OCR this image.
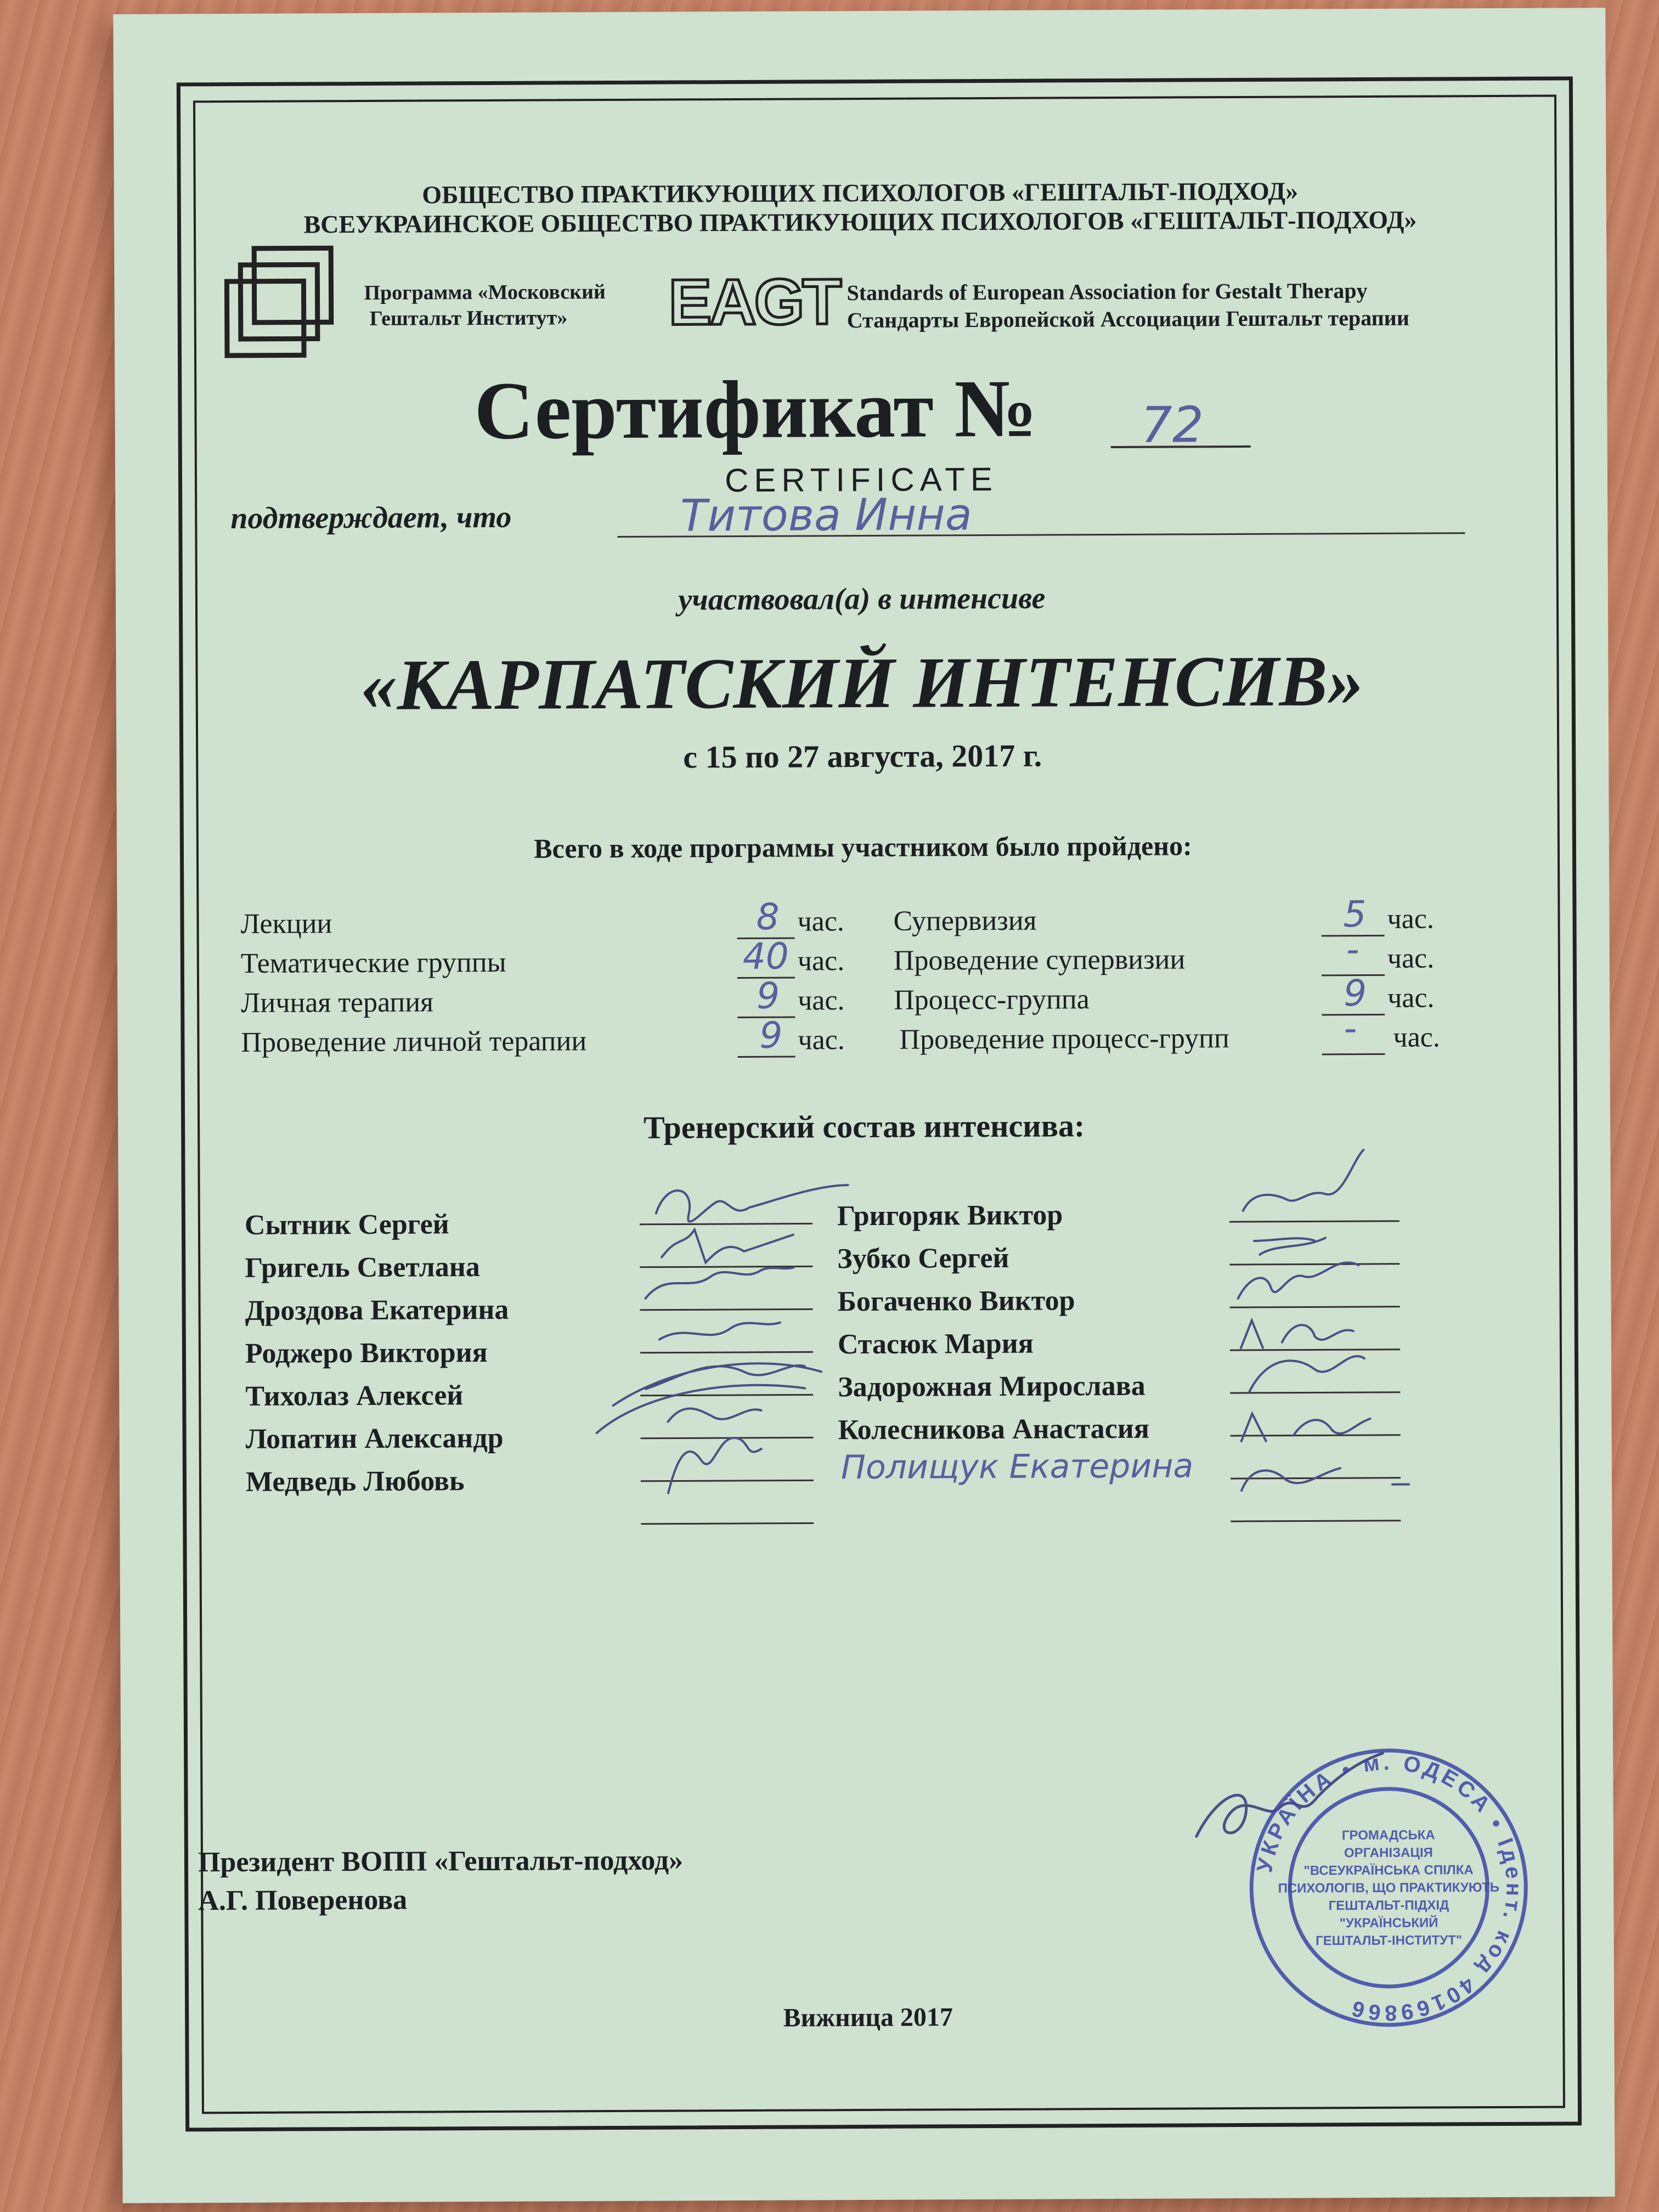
ОБЩЕСТВО ПРАКТИКУЮЩИХ ПСИХОЛОГОВ «ГЕШТАЛЬТ-ПОДХОД»
ВСЕУКРАИНСКОЕ ОБЩЕСТВО ПРАКТИКУЮЩИХ ПСИХОЛОГОВ «ГЕШТАЛЬТ-ПОДХОД»
Программа «Московский
Гештальт Институт» EAGT Standards of European Association for Gestalt Therapy
Стандарты Европейской Ассоциации Гештальт терапии
Сертификат № 72
CERTIFICATE
подтверждает, что	Титова Инна
участвовал(а) в интенсиве
«КАРПАТСКИЙ ИНТЕНСИВ»
с 15 по 27 августа, 2017 г.
Всего в ходе программы участником было пройдено:
Лекции
Тематические группы
Личная терапия
Проведение личной терапии
8
40
9
9
час.
час.
час.
час.
Супервизия
Проведение супервизии
Процесс-группа
Проведение процесс-групп
5
-
9
-
час.
час.
час.
час.
Тренерский состав интенсива:
Сытник Сергей
Григель Светлана
Дроздова Екатерина
Роджеро Виктория
Тихолаз Алексей
Лопатин Александр
Медведь Любовь
Григоряк Виктор
Зубко Сергей
Богаченко Виктор
Стасюк Мария
Задорожная Мирослава
Колесникова Анастасия
Полищук Екатерина
Президент ВОПП «Гештальт-подход»
А.Г. Поверенова
Вижница 2017
УКРАЇНА • м. ОДЕСА • Ідент. код 40169866
ГРОМАДСЬКА
ОРГАНІЗАЦІЯ
"ВСЕУКРАЇНСЬКА СПІЛКА
ПСИХОЛОГІВ, ЩО ПРАКТИКУЮТЬ
ГЕШТАЛЬТ-ПІДХІД
"УКРАЇНСЬКИЙ
ГЕШТАЛЬТ-ІНСТИТУТ"
